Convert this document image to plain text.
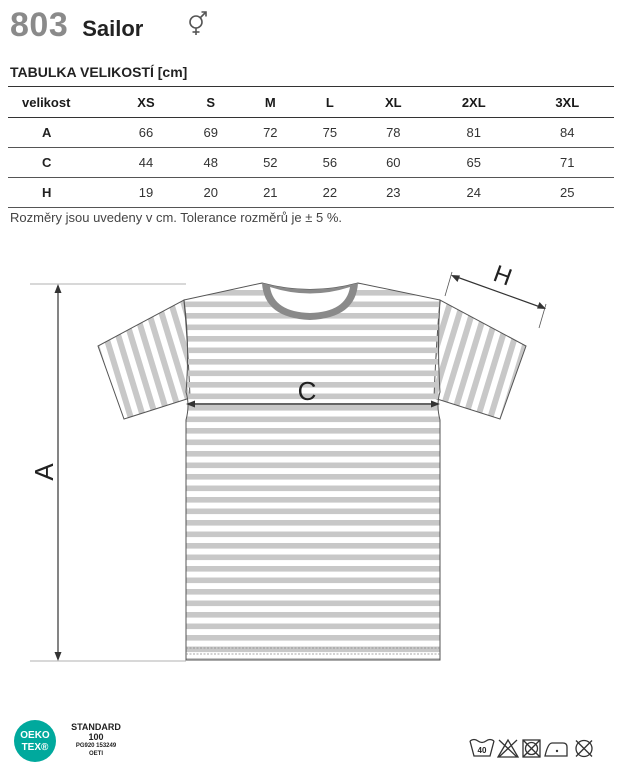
803 Sailor
TABULKA VELIKOSTÍ [cm]
velikost	XS	S	M	L	XL	2XL	3XL
A	66	69	72	75	78	81	84
C	44	48	52	56	60	65	71
H	19	20	21	22	23	24	25
Rozměry jsou uvedeny v cm. Tolerance rozměrů je ± 5 %.
A
C
H
OEKO
TEX®
STANDARD
100
PG920 153249
OETI	40
